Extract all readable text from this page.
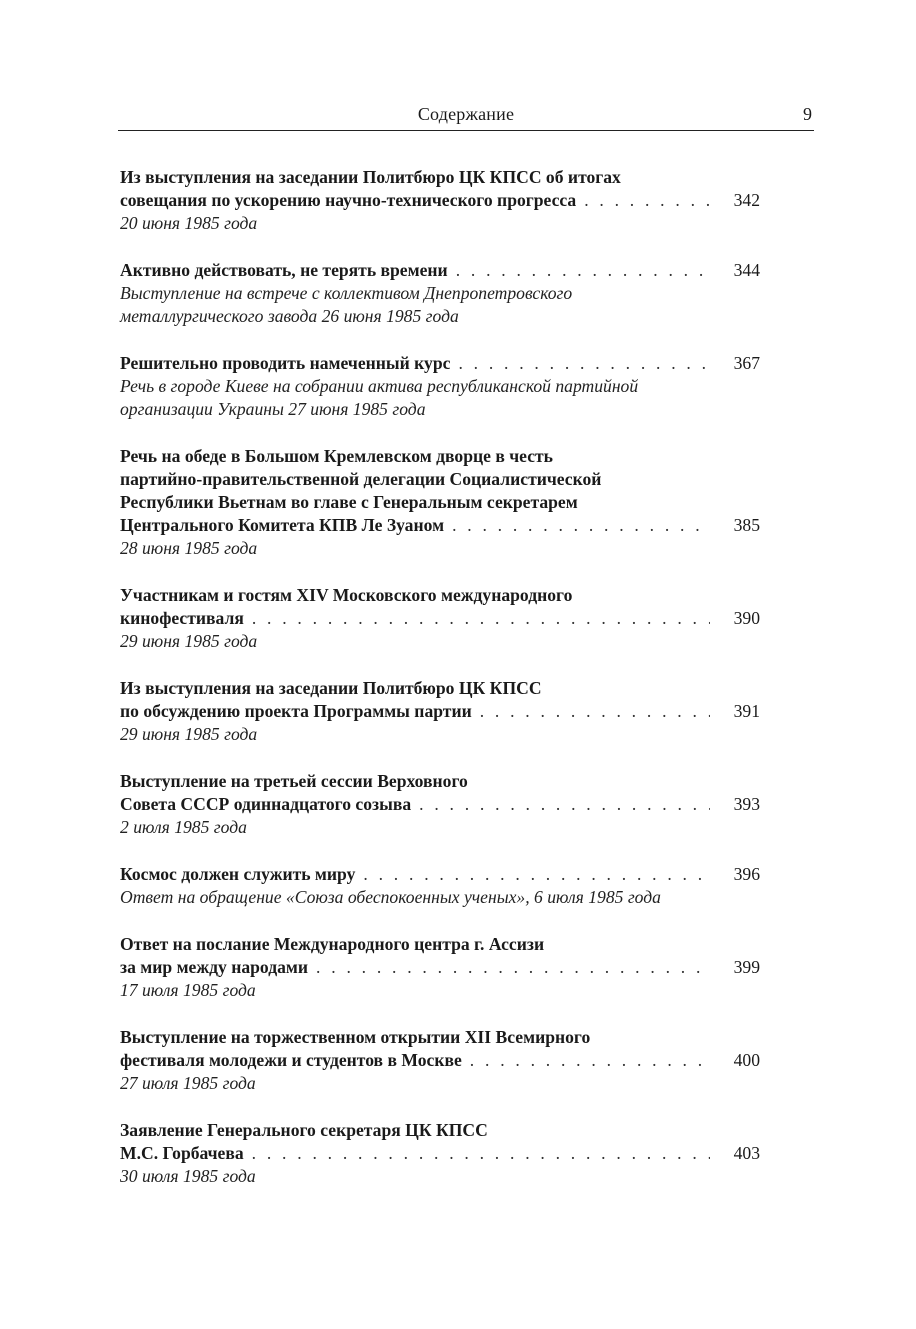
Содержание	9
Из выступления на заседании Политбюро ЦК КПСС об итогах
совещания по ускорению научно-технического прогресса . . .	342
20 июня 1985 года
Активно действовать, не терять времени . . .	344
Выступление на встрече с коллективом Днепропетровского
металлургического завода 26 июня 1985 года
Решительно проводить намеченный курс . . .	367
Речь в городе Киеве на собрании актива республиканской партийной
организации Украины 27 июня 1985 года
Речь на обеде в Большом Кремлевском дворце в честь
партийно-правительственной делегации Социалистической
Республики Вьетнам во главе с Генеральным секретарем
Центрального Комитета КПВ Ле Зуаном . . .	385
28 июня 1985 года
Участникам и гостям XIV Московского международного
кинофестиваля . . .	390
29 июня 1985 года
Из выступления на заседании Политбюро ЦК КПСС
по обсуждению проекта Программы партии . . .	391
29 июня 1985 года
Выступление на третьей сессии Верховного
Совета СССР одиннадцатого созыва . . .	393
2 июля 1985 года
Космос должен служить миру . . .	396
Ответ на обращение «Союза обеспокоенных ученых», 6 июля 1985 года
Ответ на послание Международного центра г. Ассизи
за мир между народами . . .	399
17 июля 1985 года
Выступление на торжественном открытии XII Всемирного
фестиваля молодежи и студентов в Москве . . .	400
27 июля 1985 года
Заявление Генерального секретаря ЦК КПСС
М.С. Горбачева . . .	403
30 июля 1985 года
